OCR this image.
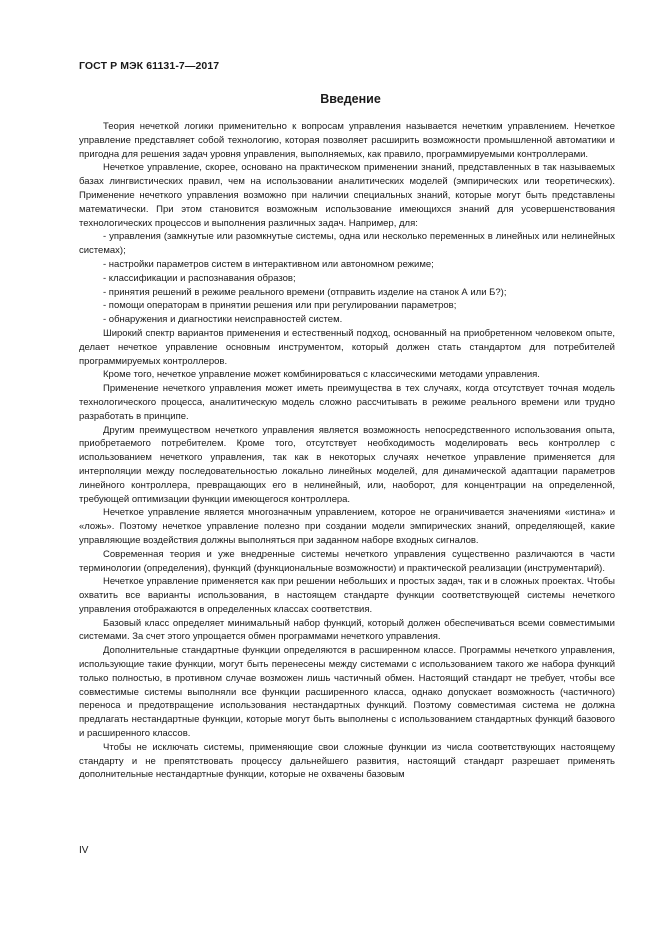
ГОСТ Р МЭК 61131-7—2017
Введение

Теория нечеткой логики применительно к вопросам управления называется нечетким управлением. Нечеткое управление представляет собой технологию, которая позволяет расширить возможности промышленной автоматики и пригодна для решения задач уровня управления, выполняемых, как правило, программируемыми контроллерами.

Нечеткое управление, скорее, основано на практическом применении знаний, представленных в так называемых базах лингвистических правил, чем на использовании аналитических моделей (эмпирических или теоретических). Применение нечеткого управления возможно при наличии специальных знаний, которые могут быть представлены математически. При этом становится возможным использование имеющихся знаний для усовершенствования технологических процессов и выполнения различных задач. Например, для:

- управления (замкнутые или разомкнутые системы, одна или несколько переменных в линейных или нелинейных системах);
- настройки параметров систем в интерактивном или автономном режиме;
- классификации и распознавания образов;
- принятия решений в режиме реального времени (отправить изделие на станок А или Б?);
- помощи операторам в принятии решения или при регулировании параметров;
- обнаружения и диагностики неисправностей систем.

Широкий спектр вариантов применения и естественный подход, основанный на приобретенном человеком опыте, делает нечеткое управление основным инструментом, который должен стать стандартом для потребителей программируемых контроллеров.

Кроме того, нечеткое управление может комбинироваться с классическими методами управления.

Применение нечеткого управления может иметь преимущества в тех случаях, когда отсутствует точная модель технологического процесса, аналитическую модель сложно рассчитывать в режиме реального времени или трудно разработать в принципе.

Другим преимуществом нечеткого управления является возможность непосредственного использования опыта, приобретаемого потребителем. Кроме того, отсутствует необходимость моделировать весь контроллер с использованием нечеткого управления, так как в некоторых случаях нечеткое управление применяется для интерполяции между последовательностью локально линейных моделей, для динамической адаптации параметров линейного контроллера, превращающих его в нелинейный, или, наоборот, для концентрации на определенной, требующей оптимизации функции имеющегося контроллера.

Нечеткое управление является многозначным управлением, которое не ограничивается значениями «истина» и «ложь». Поэтому нечеткое управление полезно при создании модели эмпирических знаний, определяющей, какие управляющие воздействия должны выполняться при заданном наборе входных сигналов.

Современная теория и уже внедренные системы нечеткого управления существенно различаются в части терминологии (определения), функций (функциональные возможности) и практической реализации (инструментарий).

Нечеткое управление применяется как при решении небольших и простых задач, так и в сложных проектах. Чтобы охватить все варианты использования, в настоящем стандарте функции соответствующей системы нечеткого управления отображаются в определенных классах соответствия.

Базовый класс определяет минимальный набор функций, который должен обеспечиваться всеми совместимыми системами. За счет этого упрощается обмен программами нечеткого управления.

Дополнительные стандартные функции определяются в расширенном классе. Программы нечеткого управления, использующие такие функции, могут быть перенесены между системами с использованием такого же набора функций только полностью, в противном случае возможен лишь частичный обмен. Настоящий стандарт не требует, чтобы все совместимые системы выполняли все функции расширенного класса, однако допускает возможность (частичного) переноса и предотвращение использования нестандартных функций. Поэтому совместимая система не должна предлагать нестандартные функции, которые могут быть выполнены с использованием стандартных функций базового и расширенного классов.

Чтобы не исключать системы, применяющие свои сложные функции из числа соответствующих настоящему стандарту и не препятствовать процессу дальнейшего развития, настоящий стандарт разрешает применять дополнительные нестандартные функции, которые не охвачены базовым

IV
